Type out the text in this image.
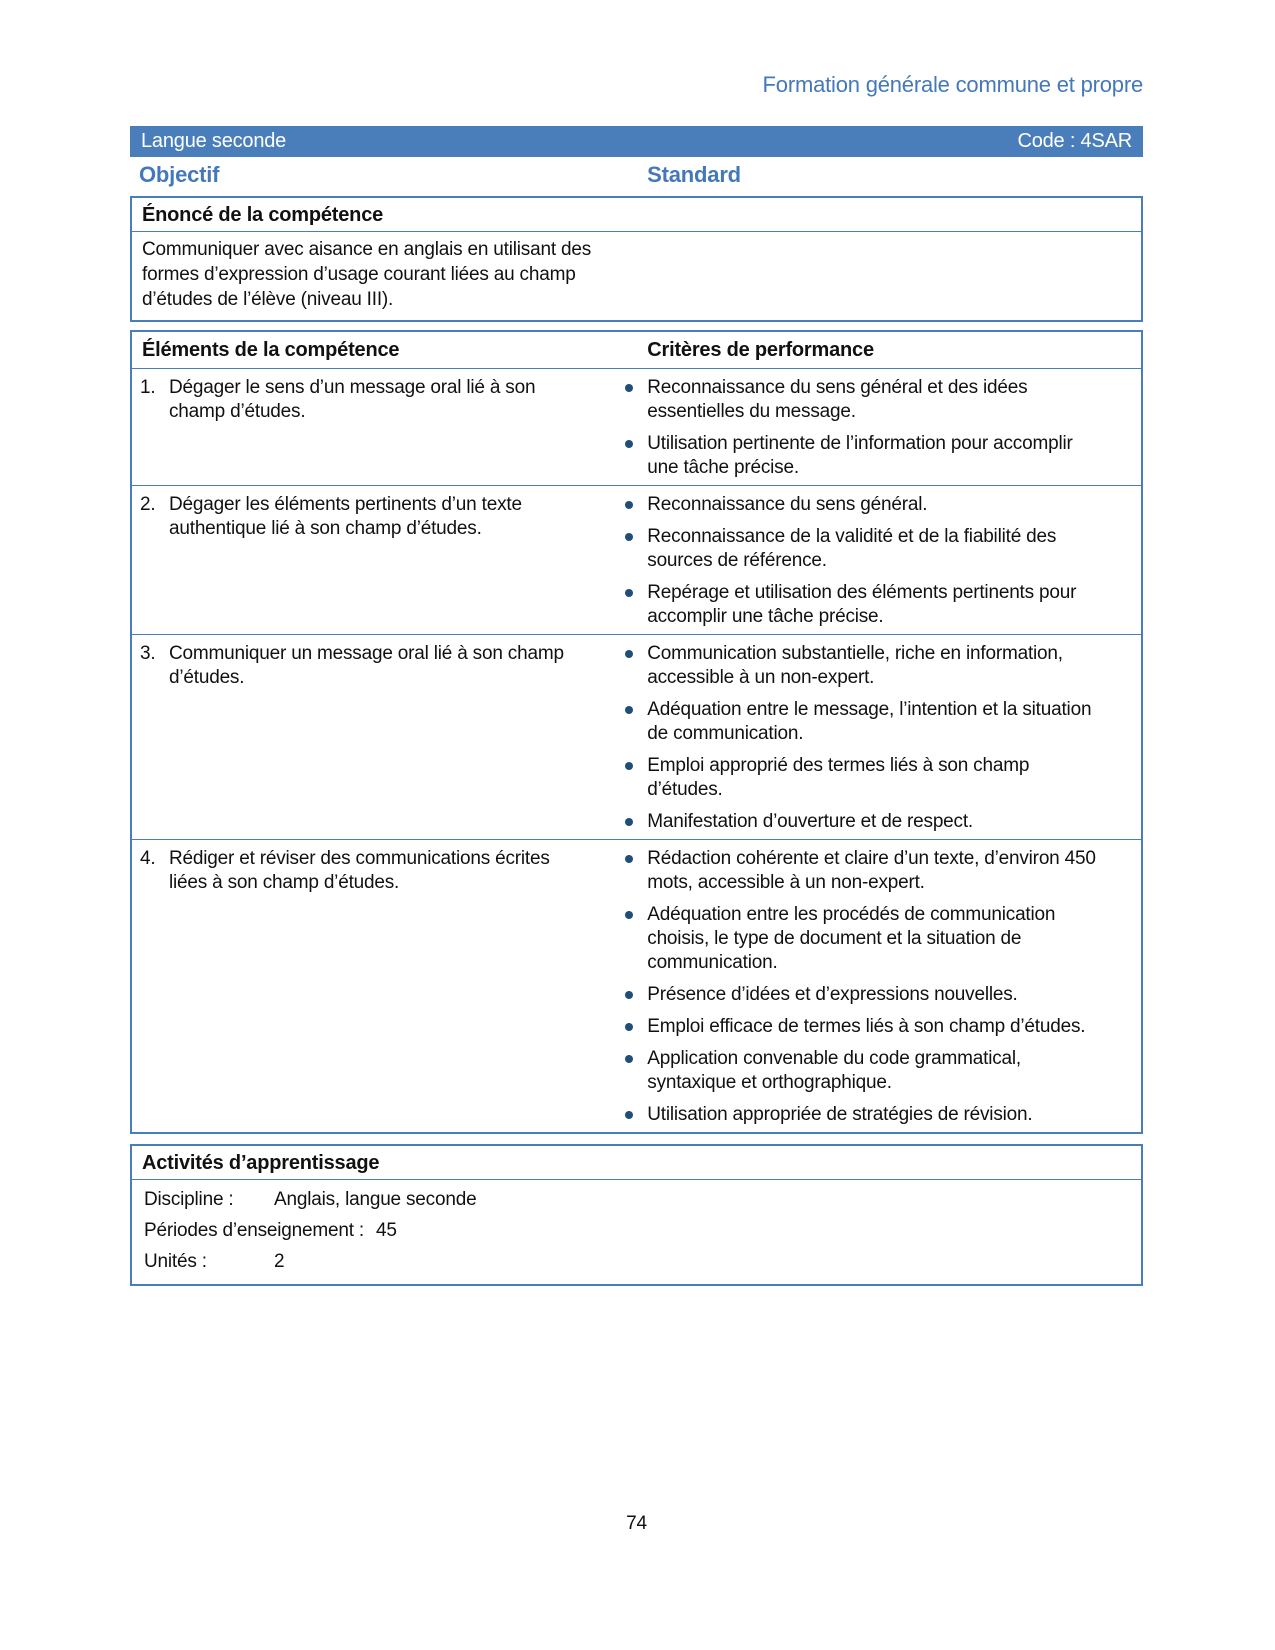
Formation générale commune et propre
Langue seconde	Code : 4SAR
Objectif	Standard
Énoncé de la compétence
Communiquer avec aisance en anglais en utilisant des formes d’expression d’usage courant liées au champ d’études de l’élève (niveau III).
Éléments de la compétence	Critères de performance
1. Dégager le sens d’un message oral lié à son champ d’études.
Reconnaissance du sens général et des idées essentielles du message.
Utilisation pertinente de l’information pour accomplir une tâche précise.
2. Dégager les éléments pertinents d’un texte authentique lié à son champ d’études.
Reconnaissance du sens général.
Reconnaissance de la validité et de la fiabilité des sources de référence.
Repérage et utilisation des éléments pertinents pour accomplir une tâche précise.
3. Communiquer un message oral lié à son champ d’études.
Communication substantielle, riche en information, accessible à un non-expert.
Adéquation entre le message, l’intention et la situation de communication.
Emploi approprié des termes liés à son champ d’études.
Manifestation d’ouverture et de respect.
4. Rédiger et réviser des communications écrites liées à son champ d’études.
Rédaction cohérente et claire d’un texte, d’environ 450 mots, accessible à un non-expert.
Adéquation entre les procédés de communication choisis, le type de document et la situation de communication.
Présence d’idées et d’expressions nouvelles.
Emploi efficace de termes liés à son champ d’études.
Application convenable du code grammatical, syntaxique et orthographique.
Utilisation appropriée de stratégies de révision.
Activités d’apprentissage
Discipline :	Anglais, langue seconde
Périodes d’enseignement : 45
Unités :	2
74
